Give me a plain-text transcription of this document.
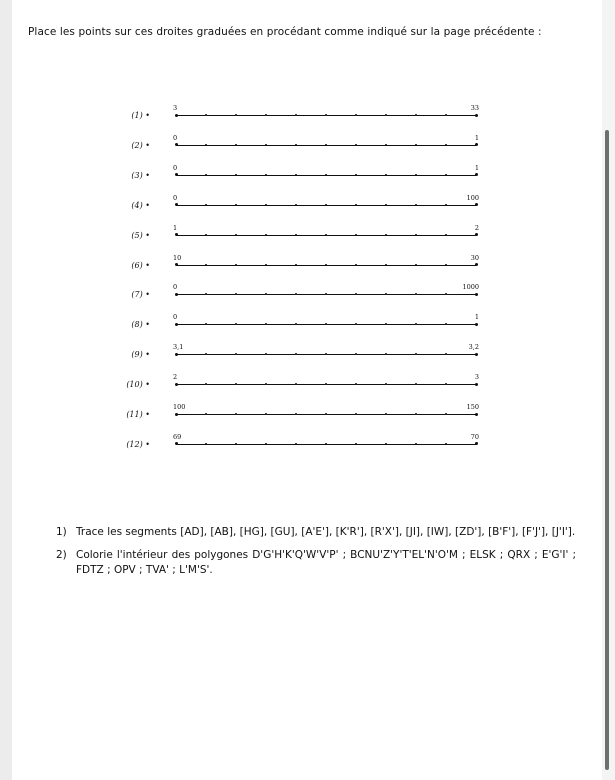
Place les points sur ces droites graduées en procédant comme indiqué sur la page précédente :
(1) •
3	33
(2) •
0	1
(3) •
0	1
(4) •
0	100
(5) •
1	2
(6) •
10	30
(7) •
0	1000
(8) •
0	1
(9) •
3,1	3,2
(10) •
2	3
(11) •
100	150
(12) •
69	70
1) Trace les segments [AD], [AB], [HG], [GU], [A'E'], [K'R'], [R'X'], [JI], [IW], [ZD'], [B'F'], [F'J'], [J'I'].
2) Colorie l'intérieur des polygones D'G'H'K'Q'W'V'P' ; BCNU'Z'Y'T'EL'N'O'M ; ELSK ; QRX ; E'G'I' ; FDTZ ; OPV ; TVA' ; L'M'S'.
